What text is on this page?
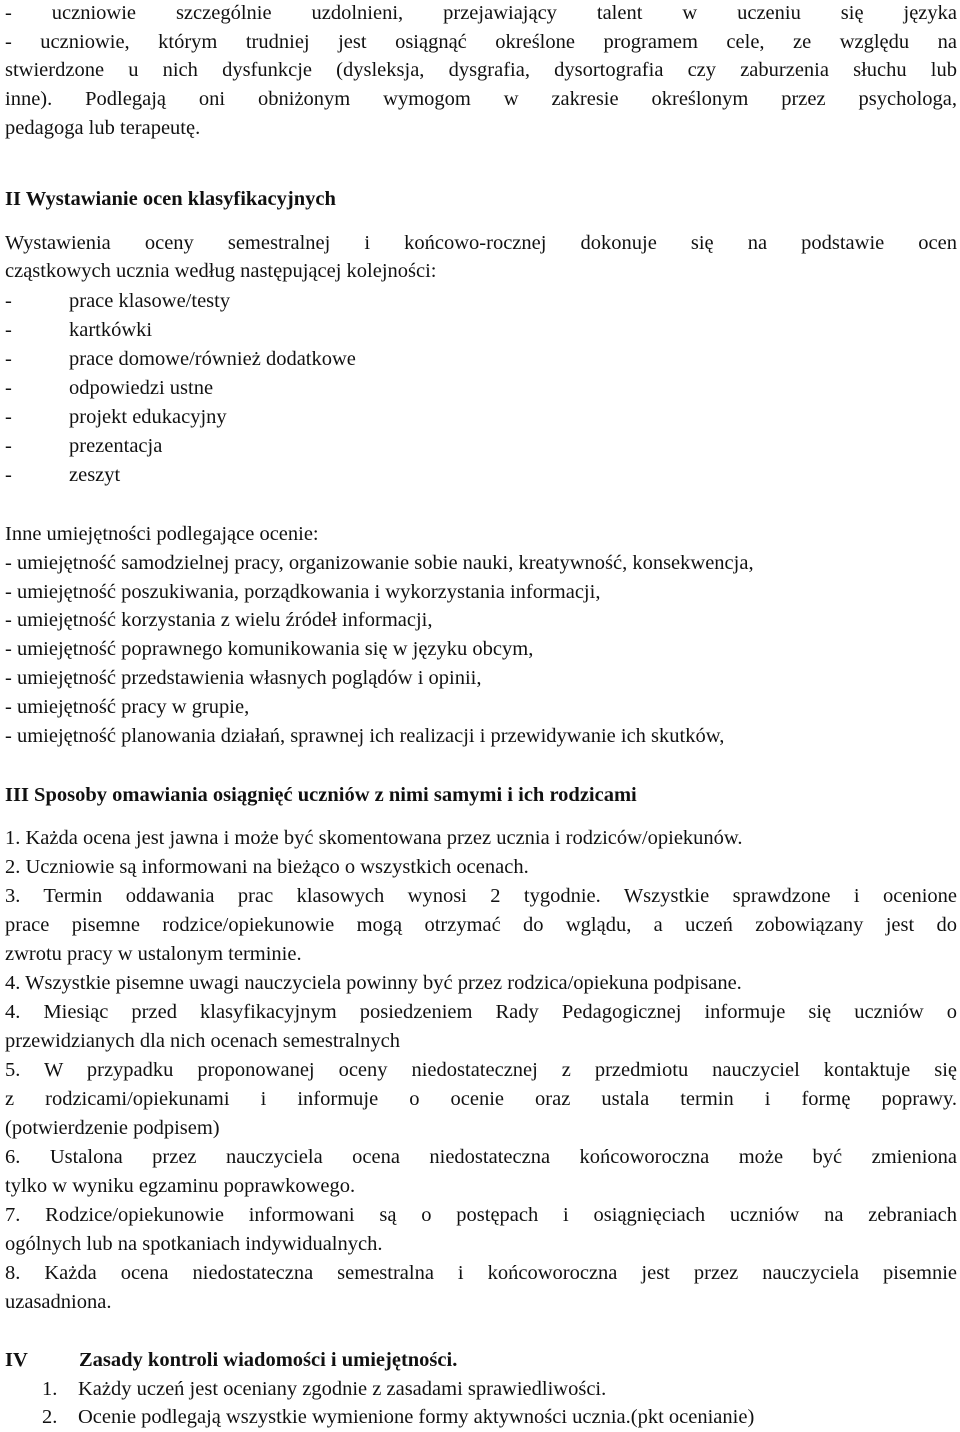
- uczniowie szczególnie uzdolnieni, przejawiający talent w uczeniu się języka
- uczniowie, którym trudniej jest osiągnąć określone programem cele, ze względu na
stwierdzone u nich dysfunkcje (dysleksja, dysgrafia, dysortografia czy zaburzenia słuchu lub
inne). Podlegają oni obniżonym wymogom w zakresie określonym przez psychologa,
pedagoga lub terapeutę.
II Wystawianie ocen klasyfikacyjnych
Wystawienia oceny semestralnej i końcowo-rocznej dokonuje się na podstawie ocen
cząstkowych ucznia według następującej kolejności:
-	prace klasowe/testy
-	kartkówki
-	prace domowe/również dodatkowe
-	odpowiedzi ustne
-	projekt edukacyjny
-	prezentacja
-	zeszyt
Inne umiejętności podlegające ocenie:
- umiejętność samodzielnej pracy, organizowanie sobie nauki, kreatywność, konsekwencja,
- umiejętność poszukiwania, porządkowania i wykorzystania informacji,
- umiejętność korzystania z wielu źródeł informacji,
- umiejętność poprawnego komunikowania się w języku obcym,
- umiejętność przedstawienia własnych poglądów i opinii,
- umiejętność pracy w grupie,
- umiejętność planowania działań, sprawnej ich realizacji i przewidywanie ich skutków,
III Sposoby omawiania osiągnięć uczniów z nimi samymi i ich rodzicami
1. Każda ocena jest jawna i może być skomentowana przez ucznia i rodziców/opiekunów.
2. Uczniowie są informowani na bieżąco o wszystkich ocenach.
3. Termin oddawania prac klasowych wynosi 2 tygodnie. Wszystkie sprawdzone i ocenione
prace pisemne rodzice/opiekunowie mogą otrzymać do wglądu, a uczeń zobowiązany jest do
zwrotu pracy w ustalonym terminie.
4. Wszystkie pisemne uwagi nauczyciela powinny być przez rodzica/opiekuna podpisane.
4. Miesiąc przed klasyfikacyjnym posiedzeniem Rady Pedagogicznej informuje się uczniów o
przewidzianych dla nich ocenach semestralnych
5. W przypadku proponowanej oceny niedostatecznej z przedmiotu nauczyciel kontaktuje się
z rodzicami/opiekunami i informuje o ocenie oraz ustala termin i formę poprawy.
(potwierdzenie podpisem)
6. Ustalona przez nauczyciela ocena niedostateczna końcoworoczna może być zmieniona
tylko w wyniku egzaminu poprawkowego.
7. Rodzice/opiekunowie informowani są o postępach i osiągnięciach uczniów na zebraniach
ogólnych lub na spotkaniach indywidualnych.
8. Każda ocena niedostateczna semestralna i końcoworoczna jest przez nauczyciela pisemnie
uzasadniona.
IV Zasady kontroli wiadomości i umiejętności.
1. Każdy uczeń jest oceniany zgodnie z zasadami sprawiedliwości.
2. Ocenie podlegają wszystkie wymienione formy aktywności ucznia.(pkt ocenianie)
